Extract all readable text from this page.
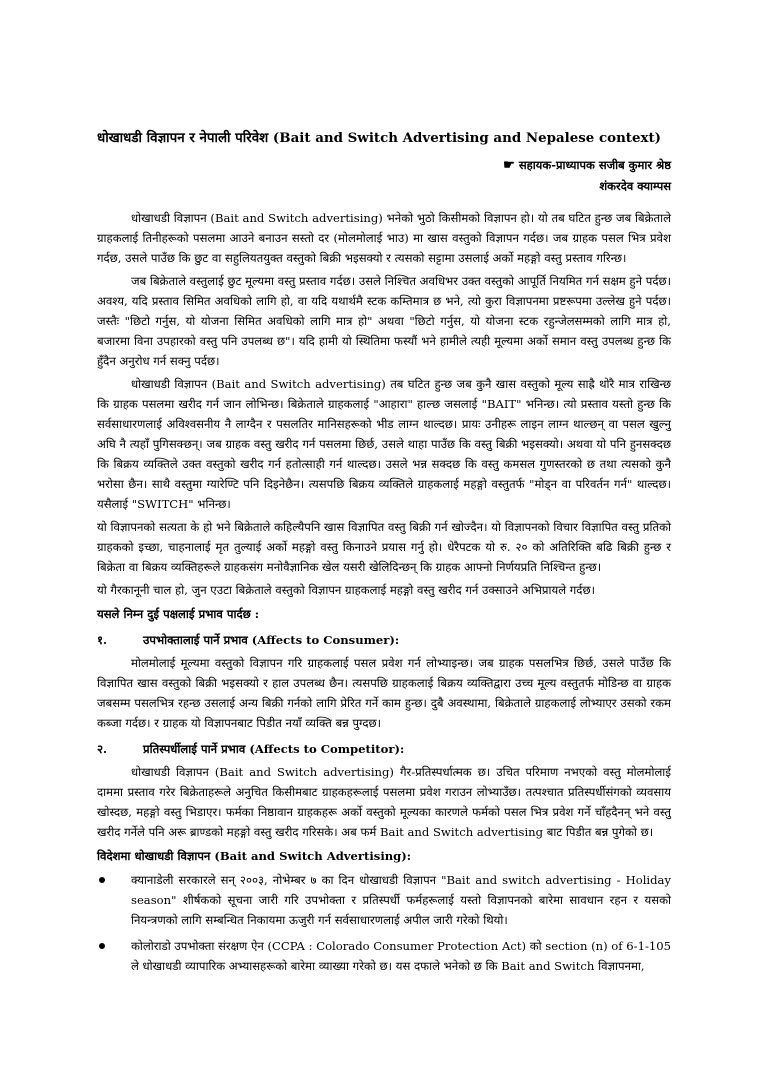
धोखाधडी विज्ञापन र नेपाली परिवेश (Bait and Switch Advertising and Nepalese context)
☛ सहायक-प्राध्यापक सजीब कुमार श्रेष्ठ
शंकरदेव क्याम्पस

धोखाधडी विज्ञापन (Bait and Switch advertising) भनेको भुठो किसीमको विज्ञापन हो। यो तब घटित हुन्छ जब बिक्रेताले ग्राहकलाई तिनीहरूको पसलमा आउने बनाउन सस्तो दर (मोलमोलाई भाउ) मा खास वस्तुको विज्ञापन गर्दछ। जब ग्राहक पसल भित्र प्रवेश गर्दछ, उसले पाउँछ कि छुट वा सहुलियतयुक्त वस्तुको बिक्री भइसक्यो र त्यसको सट्टामा उसलाई अर्को महङ्गो वस्तु प्रस्ताव गरिन्छ।

जब बिक्रेताले वस्तुलाई छुट मूल्यमा वस्तु प्रस्ताव गर्दछ। उसले निश्चित अवधिभर उक्त वस्तुको आपूर्ति नियमित गर्न सक्षम हुने पर्दछ। अवश्य, यदि प्रस्ताव सिमित अवधिको लागि हो, वा यदि यथार्थमै स्टक कम्तिमात्र छ भने, त्यो कुरा विज्ञापनमा प्रष्टरूपमा उल्लेख हुने पर्दछ। जस्तैः "छिटो गर्नुस, यो योजना सिमित अवधिको लागि मात्र हो" अथवा "छिटो गर्नुस, यो योजना स्टक रहुन्जेलसम्मको लागि मात्र हो, बजारमा विना उपहारको वस्तु पनि उपलब्ध छ"। यदि हामी यो स्थितिमा फस्यौं भने हामीले त्यही मूल्यमा अर्को समान वस्तु उपलब्ध हुन्छ कि हुँदैन अनुरोध गर्न सक्नु पर्दछ।

धोखाधडी विज्ञापन (Bait and Switch advertising) तब घटित हुन्छ जब कुनै खास वस्तुको मूल्य साह्रै थोरै मात्र राखिन्छ कि ग्राहक पसलमा खरीद गर्न जान लोभिन्छ। बिक्रेताले ग्राहकलाई "आहारा" हाल्छ जसलाई "BAIT" भनिन्छ। त्यो प्रस्ताव यस्तो हुन्छ कि सर्वसाधारणलाई अविश्वसनीय नै लाग्दैन र पसलतिर मानिसहरूको भीड लाग्न थाल्दछ। प्रायः उनीहरू लाइन लाग्न थाल्छन् वा पसल खुल्नु अघि नै त्यहाँ पुगिसक्छन्। जब ग्राहक वस्तु खरीद गर्न पसलमा छिर्छ, उसले थाहा पाउँछ कि वस्तु बिक्री भइसक्यो। अथवा यो पनि हुनसक्दछ कि बिक्रय व्यक्तिले उक्त वस्तुको खरीद गर्न हतोत्साही गर्न थाल्दछ। उसले भन्न सक्दछ कि वस्तु कमसल गुणस्तरको छ तथा त्यसको कुनै भरोसा छैन। साथै वस्तुमा ग्यारेण्टि पनि दिइनेछैन। त्यसपछि बिक्रय व्यक्तिले ग्राहकलाई महङ्गो वस्तुतर्फ "मोड्न वा परिवर्तन गर्न" थाल्दछ। यसैलाई "SWITCH" भनिन्छ।

यो विज्ञापनको सत्यता के हो भने बिक्रेताले कहिल्यैपनि खास विज्ञापित वस्तु बिक्री गर्न खोज्दैन। यो विज्ञापनको विचार विज्ञापित वस्तु प्रतिको ग्राहकको इच्छा, चाहनालाई मृत तुल्याई अर्को महङ्गो वस्तु किनाउने प्रयास गर्नु हो। धेरैपटक यो रु. २० को अतिरिक्ति बढि बिक्री हुन्छ र बिक्रेता वा बिक्रय व्यक्तिहरूले ग्राहकसंग मनोवैज्ञानिक खेल यसरी खेलिदिन्छन् कि ग्राहक आफ्नो निर्णयप्रति निश्चिन्त हुन्छ।

यो गैरकानूनी चाल हो, जुन एउटा बिक्रेताले वस्तुको विज्ञापन ग्राहकलाई महङ्गो वस्तु खरीद गर्न उक्साउने अभिप्रायले गर्दछ।

यसले निम्न दुई पक्षलाई प्रभाव पार्दछ :
१.	उपभोक्तालाई पार्ने प्रभाव (Affects to Consumer):

मोलमोलाई मूल्यमा वस्तुको विज्ञापन गरि ग्राहकलाई पसल प्रवेश गर्न लोभ्याइन्छ। जब ग्राहक पसलभित्र छिर्छ, उसले पाउँछ कि विज्ञापित खास वस्तुको बिक्री भइसक्यो र हाल उपलब्ध छैन। त्यसपछि ग्राहकलाई बिक्रय व्यक्तिद्वारा उच्च मूल्य वस्तुतर्फ मोडिन्छ वा ग्राहक जबसम्म पसलभित्र रहन्छ उसलाई अन्य बिक्री गर्नको लागि प्रेरित गर्ने काम हुन्छ। दुबै अवस्थामा, बिक्रेताले ग्राहकलाई लोभ्याएर उसको रकम कब्जा गर्दछ। र ग्राहक यो विज्ञापनबाट पिडीत नयाँ व्यक्ति बन्न पुग्दछ।

२.	प्रतिस्पर्धीलाई पार्ने प्रभाव (Affects to Competitor):

धोखाधडी विज्ञापन (Bait and Switch advertising) गैर-प्रतिस्पर्धात्मक छ। उचित परिमाण नभएको वस्तु मोलमोलाई दाममा प्रस्ताव गरेर बिक्रेताहरूले अनुचित किसीमबाट ग्राहकहरूलाई पसलमा प्रवेश गराउन लोभ्याउँछ। तत्पश्चात प्रतिस्पर्धीसंगको व्यवसाय खोस्दछ, महङ्गो वस्तु भिडाएर। फर्मका निष्ठावान ग्राहकहरू अर्को वस्तुको मूल्यका कारणले फर्मको पसल भित्र प्रवेश गर्ने चाँहदैनन् भने वस्तु खरीद गर्नेले पनि अरू ब्राण्डको महङ्गो वस्तु खरीद गरिसके। अब फर्म Bait and Switch advertising बाट पिडीत बन्न पुगेको छ।

विदेशमा धोखाधडी विज्ञापन (Bait and Switch Advertising):
क्यानाडेली सरकारले सन् २००३, नोभेम्बर ७ का दिन धोखाधडी विज्ञापन "Bait and switch advertising - Holiday season" शीर्षकको सूचना जारी गरि उपभोक्ता र प्रतिस्पर्धी फर्महरूलाई यस्तो विज्ञापनको बारेमा सावधान रहन र यसको नियन्त्रणको लागि सम्बन्धित निकायमा ऊजुरी गर्न सर्वसाधारणलाई अपील जारी गरेको थियो।
कोलोराडो उपभोक्ता संरक्षण ऐन (CCPA : Colorado Consumer Protection Act) को section (n) of 6-1-105 ले धोखाधडी व्यापारिक अभ्यासहरूको बारेमा व्याख्या गरेको छ। यस दफाले भनेको छ कि Bait and Switch विज्ञापनमा,
